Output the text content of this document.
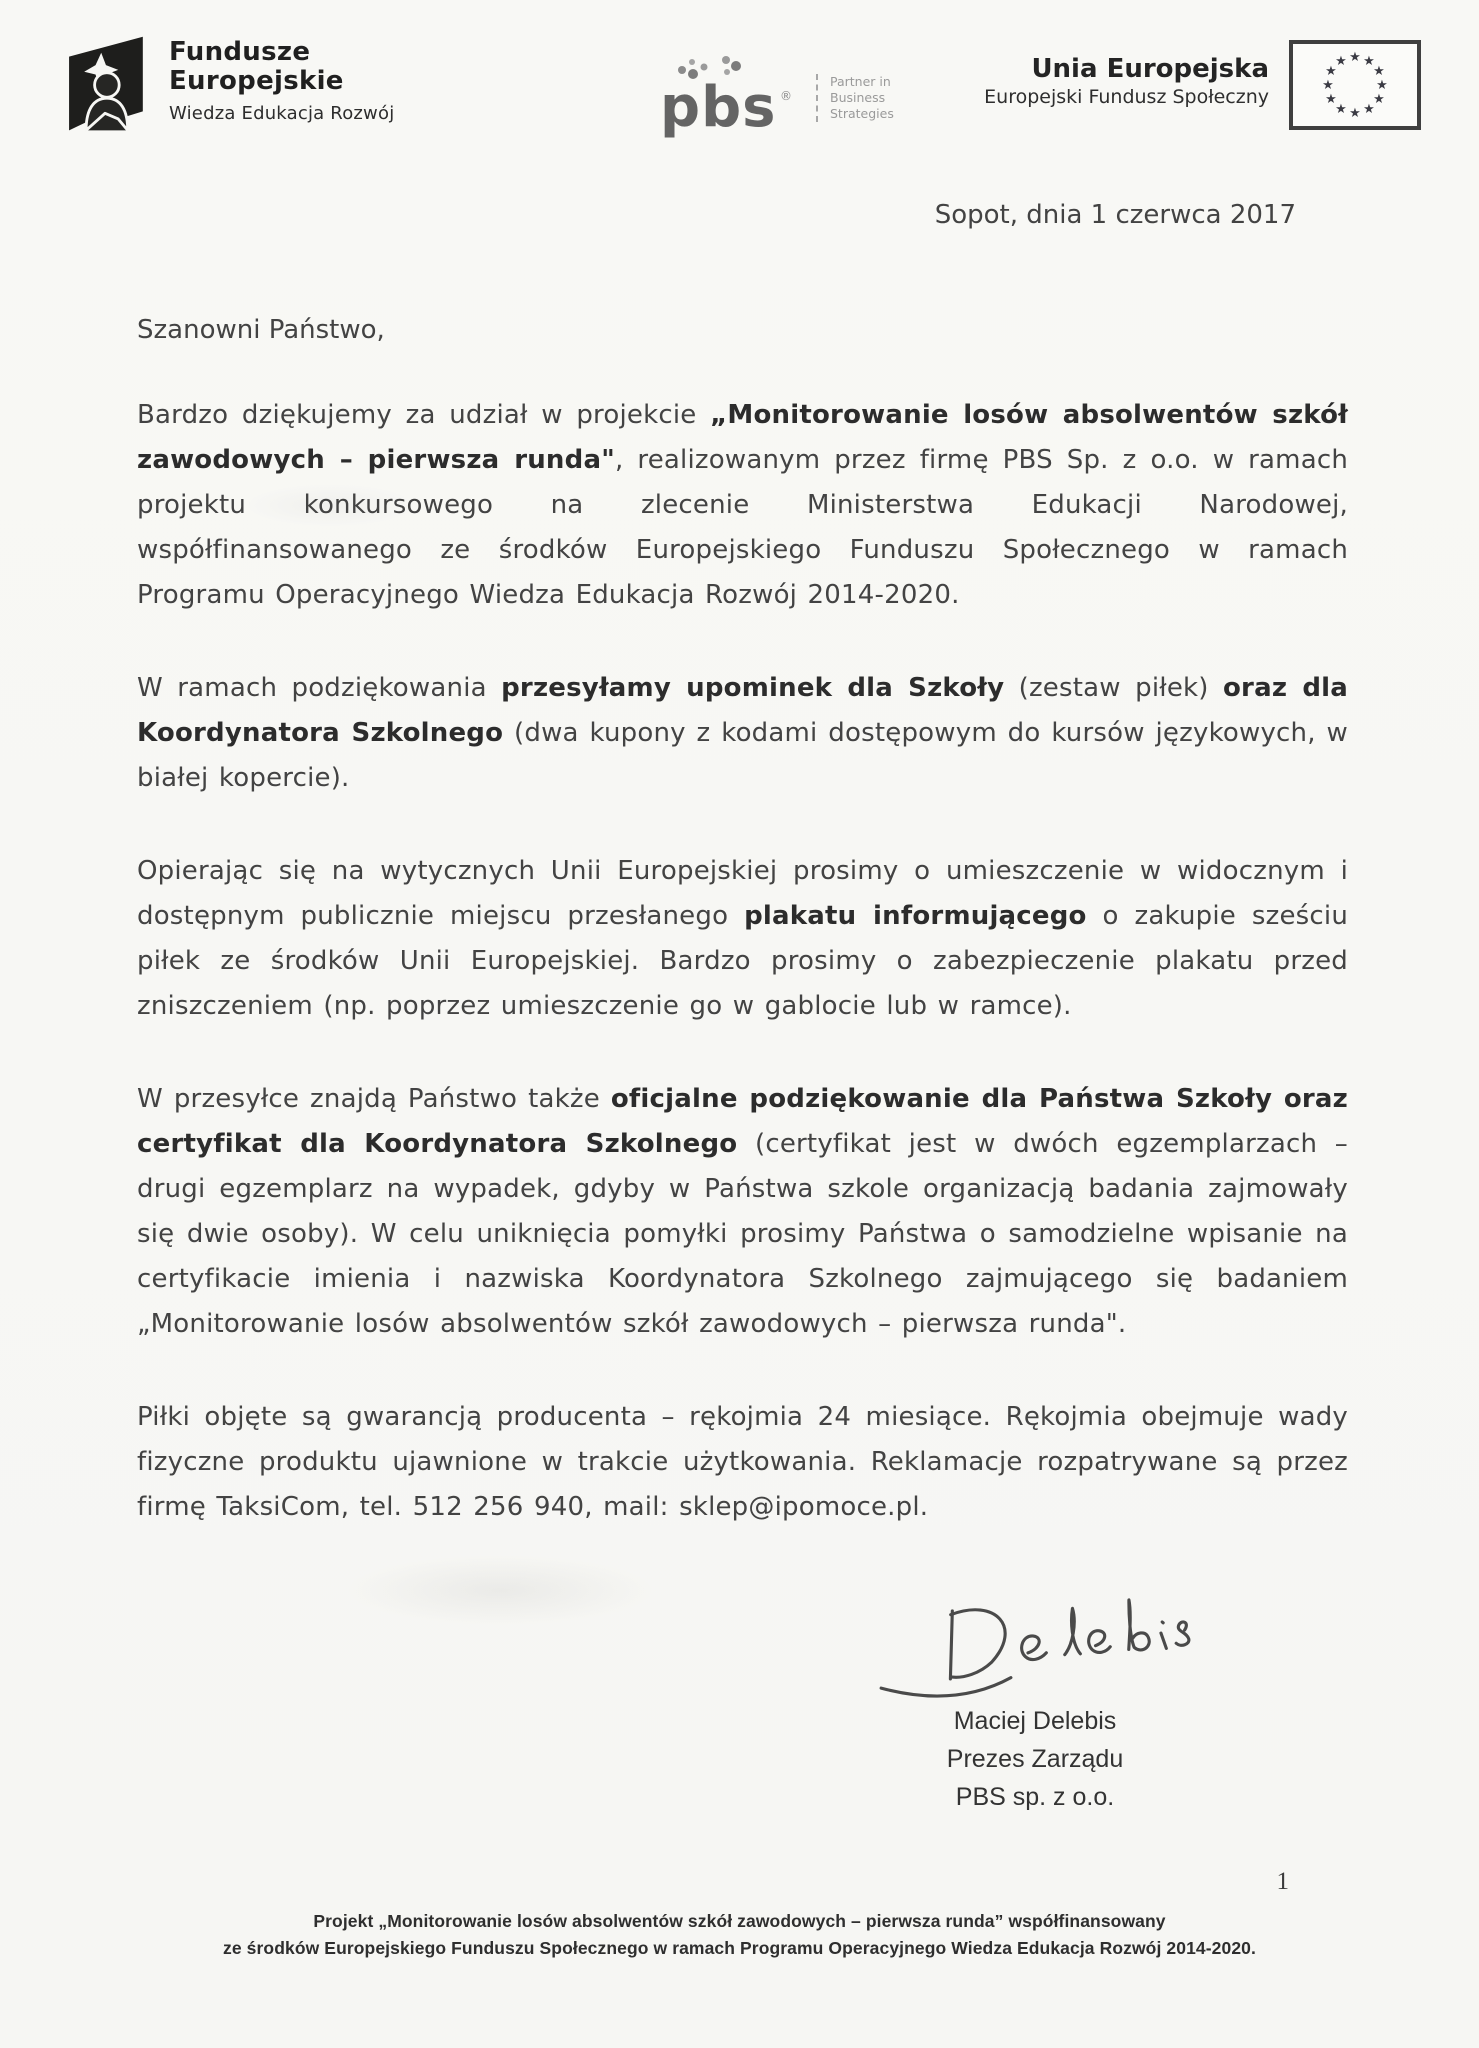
Fundusze
Europejskie
Wiedza Edukacja Rozwój	pbs ®
Partner in
Business
Strategies
Unia Europejska
Europejski Fundusz Społeczny
★ ★
★
★
★
★
★
★
★
★
★
★
Sopot, dnia 1 czerwca 2017
Szanowni Państwo,

Bardzo dziękujemy za udział w projekcie „Monitorowanie losów absolwentów szkół zawodowych – pierwsza runda", realizowanym przez firmę PBS Sp. z o.o. w ramach projektu konkursowego na zlecenie Ministerstwa Edukacji Narodowej, współfinansowanego ze środków Europejskiego Funduszu Społecznego w ramach Programu Operacyjnego Wiedza Edukacja Rozwój 2014-2020.

W ramach podziękowania przesyłamy upominek dla Szkoły (zestaw piłek) oraz dla Koordynatora Szkolnego (dwa kupony z kodami dostępowym do kursów językowych, w białej kopercie).

Opierając się na wytycznych Unii Europejskiej prosimy o umieszczenie w widocznym i dostępnym publicznie miejscu przesłanego plakatu informującego o zakupie sześciu piłek ze środków Unii Europejskiej. Bardzo prosimy o zabezpieczenie plakatu przed zniszczeniem (np. poprzez umieszczenie go w gablocie lub w ramce).

W przesyłce znajdą Państwo także oficjalne podziękowanie dla Państwa Szkoły oraz certyfikat dla Koordynatora Szkolnego (certyfikat jest w dwóch egzemplarzach – drugi egzemplarz na wypadek, gdyby w Państwa szkole organizacją badania zajmowały się dwie osoby). W celu uniknięcia pomyłki prosimy Państwa o samodzielne wpisanie na certyfikacie imienia i nazwiska Koordynatora Szkolnego zajmującego się badaniem „Monitorowanie losów absolwentów szkół zawodowych – pierwsza runda".

Piłki objęte są gwarancją producenta – rękojmia 24 miesiące. Rękojmia obejmuje wady fizyczne produktu ujawnione w trakcie użytkowania. Reklamacje rozpatrywane są przez firmę TaksiCom, tel. 512 256 940, mail: sklep@ipomoce.pl.

Maciej Delebis
Prezes Zarządu
PBS sp. z o.o.
1
Projekt „Monitorowanie losów absolwentów szkół zawodowych – pierwsza runda” współfinansowany
ze środków Europejskiego Funduszu Społecznego w ramach Programu Operacyjnego Wiedza Edukacja Rozwój 2014-2020.
